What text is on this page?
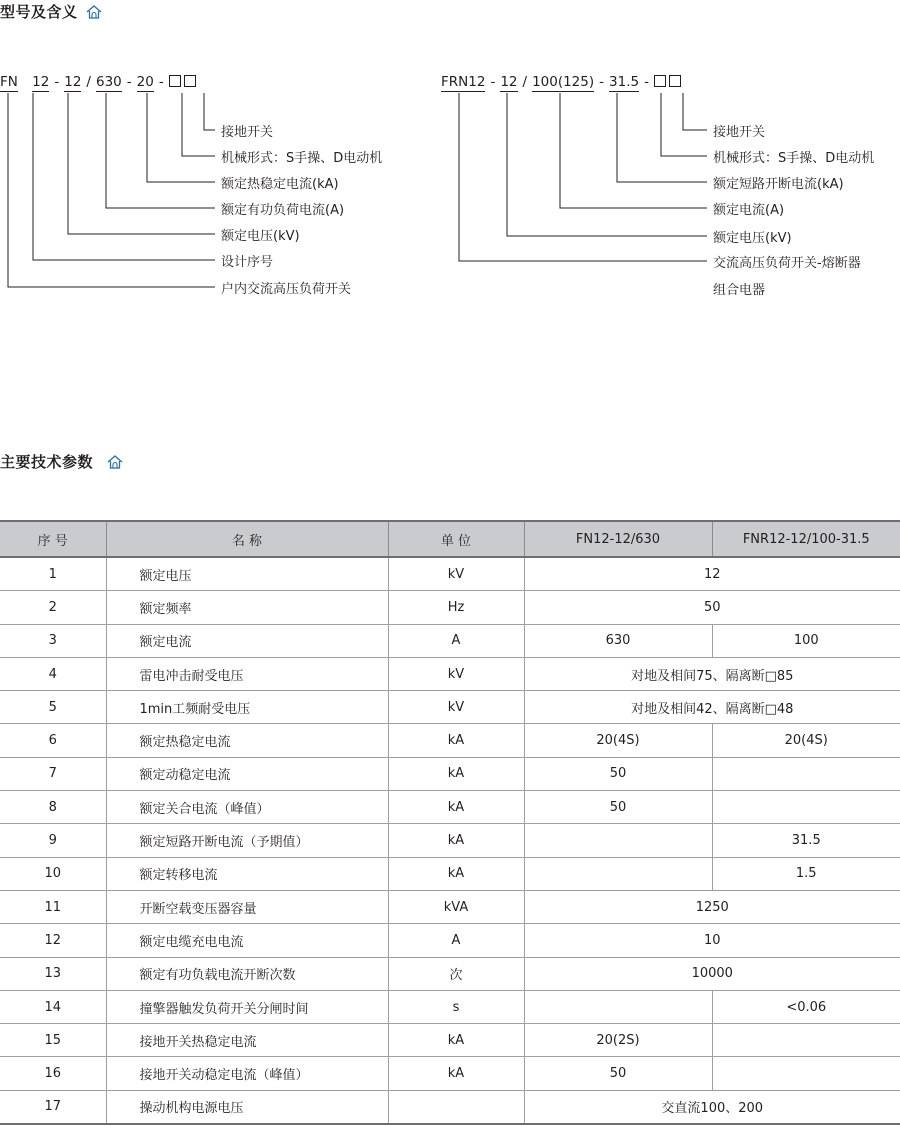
型号及含义
FN 12 - 12 / 630 - 20 -	FRN12 - 12 / 100(125) - 31.5 -
接地开关
机械形式：S手操、D电动机
额定热稳定电流(kA)
额定有功负荷电流(A)
额定电压(kV)
设计序号
户内交流高压负荷开关
接地开关
机械形式：S手操、D电动机
额定短路开断电流(kA)
额定电流(A)
额定电压(kV)
交流高压负荷开关-熔断器
组合电器
主要技术参数
序 号	名 称	单 位	FN12-12/630	FNR12-12/100-31.5
1	额定电压	kV	12	
2	额定频率	Hz	50	
3	额定电流	A	630	100
4	雷电冲击耐受电压	kV	对地及相间75、隔离断□85	
5	1min工频耐受电压	kV	对地及相间42、隔离断□48	
6	额定热稳定电流	kA	20(4S)	20(4S)
7	额定动稳定电流	kA	50	
8	额定关合电流（峰值）	kA	50	
9	额定短路开断电流（予期值）	kA		31.5
10	额定转移电流	kA		1.5
11	开断空载变压器容量	kVA	1250	
12	额定电缆充电电流	A	10	
13	额定有功负载电流开断次数	次	10000	
14	撞擎器触发负荷开关分闸时间	s		<0.06
15	接地开关热稳定电流	kA	20(2S)	
16	接地开关动稳定电流（峰值）	kA	50	
17	操动机构电源电压		交直流100、200	
